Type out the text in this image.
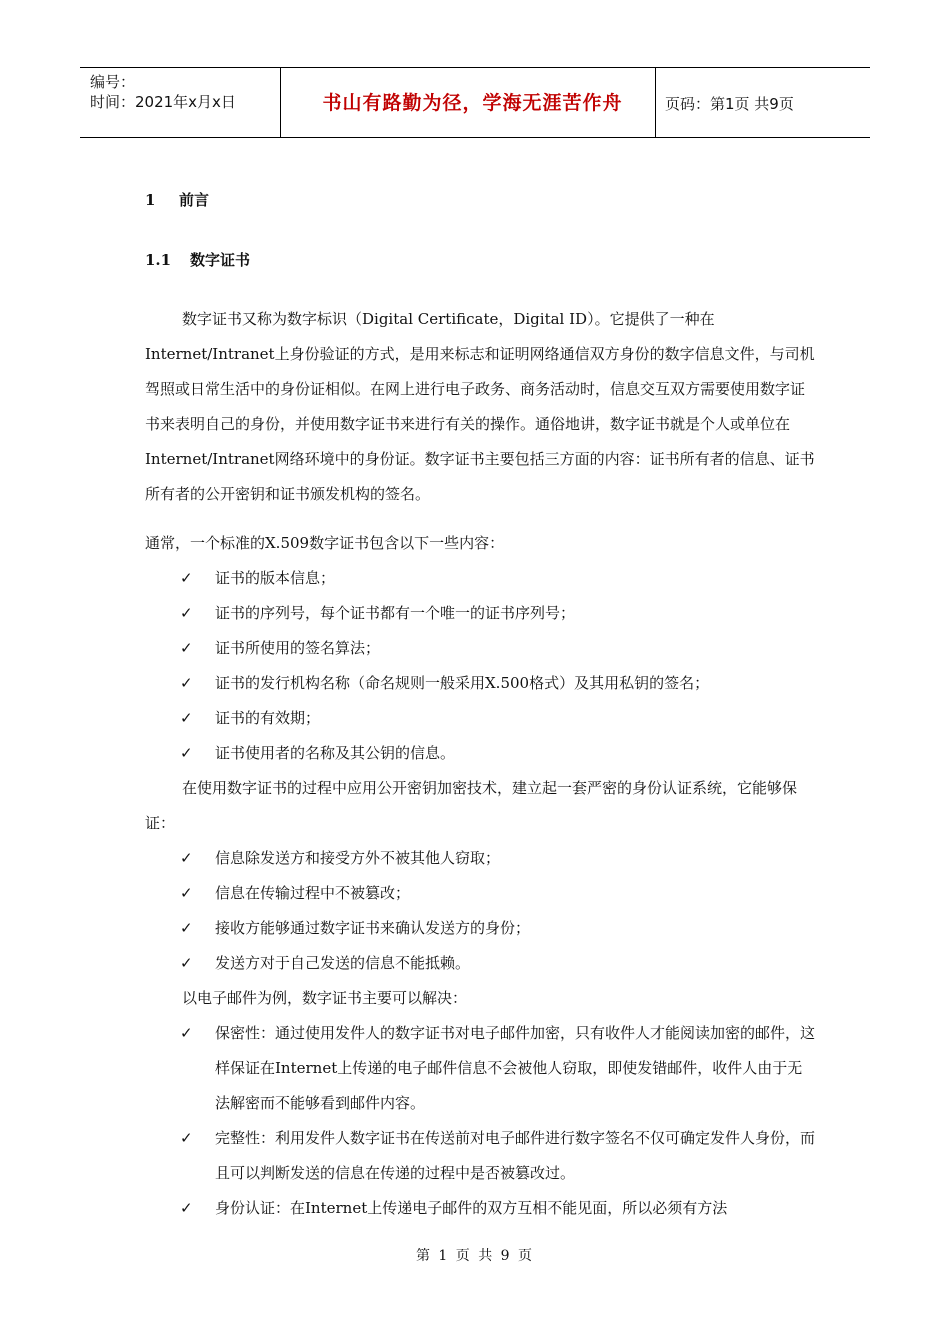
编号：
时间：2021年x月x日	书山有路勤为径，学海无涯苦作舟	页码：第1页 共9页
1 前言
1.1 数字证书

数字证书又称为数字标识（Digital Certificate，Digital ID）。它提供了一种在Internet/Intranet上身份验证的方式，是用来标志和证明网络通信双方身份的数字信息文件，与司机驾照或日常生活中的身份证相似。在网上进行电子政务、商务活动时，信息交互双方需要使用数字证书来表明自己的身份，并使用数字证书来进行有关的操作。通俗地讲，数字证书就是个人或单位在Internet/Intranet网络环境中的身份证。数字证书主要包括三方面的内容：证书所有者的信息、证书所有者的公开密钥和证书颁发机构的签名。

通常，一个标准的X.509数字证书包含以下一些内容：

✓ 证书的版本信息；
✓ 证书的序列号，每个证书都有一个唯一的证书序列号；
✓ 证书所使用的签名算法；
✓ 证书的发行机构名称（命名规则一般采用X.500格式）及其用私钥的签名；
✓ 证书的有效期；
✓ 证书使用者的名称及其公钥的信息。

在使用数字证书的过程中应用公开密钥加密技术，建立起一套严密的身份认证系统，它能够保证：

✓ 信息除发送方和接受方外不被其他人窃取；
✓ 信息在传输过程中不被篡改；
✓ 接收方能够通过数字证书来确认发送方的身份；
✓ 发送方对于自己发送的信息不能抵赖。

以电子邮件为例，数字证书主要可以解决：

✓ 保密性：通过使用发件人的数字证书对电子邮件加密，只有收件人才能阅读加密的邮件，这样保证在Internet上传递的电子邮件信息不会被他人窃取，即使发错邮件，收件人由于无法解密而不能够看到邮件内容。
✓ 完整性：利用发件人数字证书在传送前对电子邮件进行数字签名不仅可确定发件人身份，而且可以判断发送的信息在传递的过程中是否被篡改过。
✓ 身份认证：在Internet上传递电子邮件的双方互相不能见面，所以必须有方法
第 1 页 共 9 页
